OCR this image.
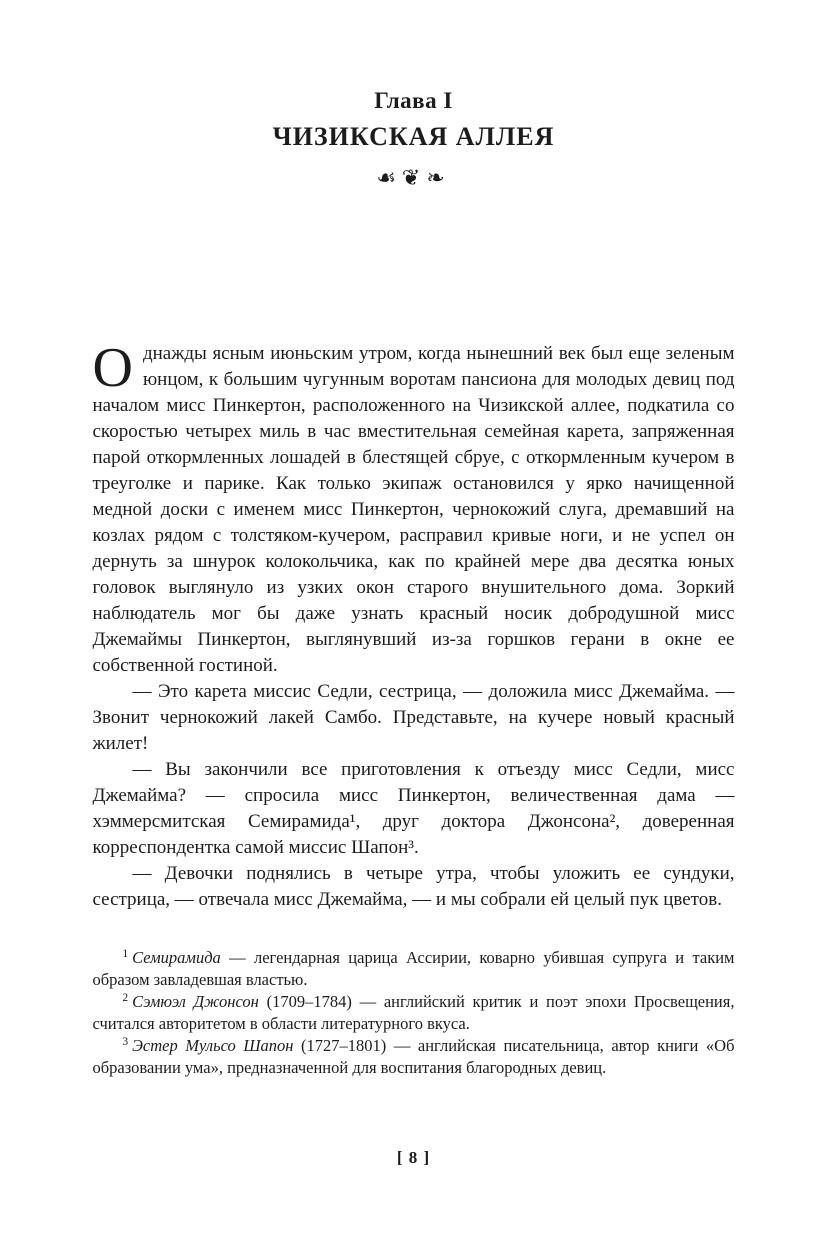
Глава I
ЧИЗИКСКАЯ АЛЛЕЯ
☙❦❧

Однажды ясным июньским утром, когда нынешний век был еще зеленым юнцом, к большим чугунным воротам пансиона для молодых девиц под началом мисс Пинкертон, расположенного на Чизикской аллее, подкатила со скоростью четырех миль в час вместительная семейная карета, запряженная парой откормленных лошадей в блестящей сбруе, с откормленным кучером в треуголке и парике. Как только экипаж остановился у ярко начищенной медной доски с именем мисс Пинкертон, чернокожий слуга, дремавший на козлах рядом с толстяком-кучером, расправил кривые ноги, и не успел он дернуть за шнурок колокольчика, как по крайней мере два десятка юных головок выглянуло из узких окон старого внушительного дома. Зоркий наблюдатель мог бы даже узнать красный носик добродушной мисс Джемаймы Пинкертон, выглянувший из-за горшков герани в окне ее собственной гостиной.

— Это карета миссис Седли, сестрица, — доложила мисс Джемайма. — Звонит чернокожий лакей Самбо. Представьте, на кучере новый красный жилет!

— Вы закончили все приготовления к отъезду мисс Седли, мисс Джемайма? — спросила мисс Пинкертон, величественная дама — хэммерсмитская Семирамида¹, друг доктора Джонсона², доверенная корреспондентка самой миссис Шапон³.

— Девочки поднялись в четыре утра, чтобы уложить ее сундуки, сестрица, — отвечала мисс Джемайма, — и мы собрали ей целый пук цветов.

$^1$ Семирамида — легендарная царица Ассирии, коварно убившая супруга и таким образом завладевшая властью.

$^2$ Сэмюэл Джонсон (1709–1784) — английский критик и поэт эпохи Просвещения, считался авторитетом в области литературного вкуса.

$^3$ Эстер Мульсо Шапон (1727–1801) — английская писательница, автор книги «Об образовании ума», предназначенной для воспитания благородных девиц.

[ 8 ]
